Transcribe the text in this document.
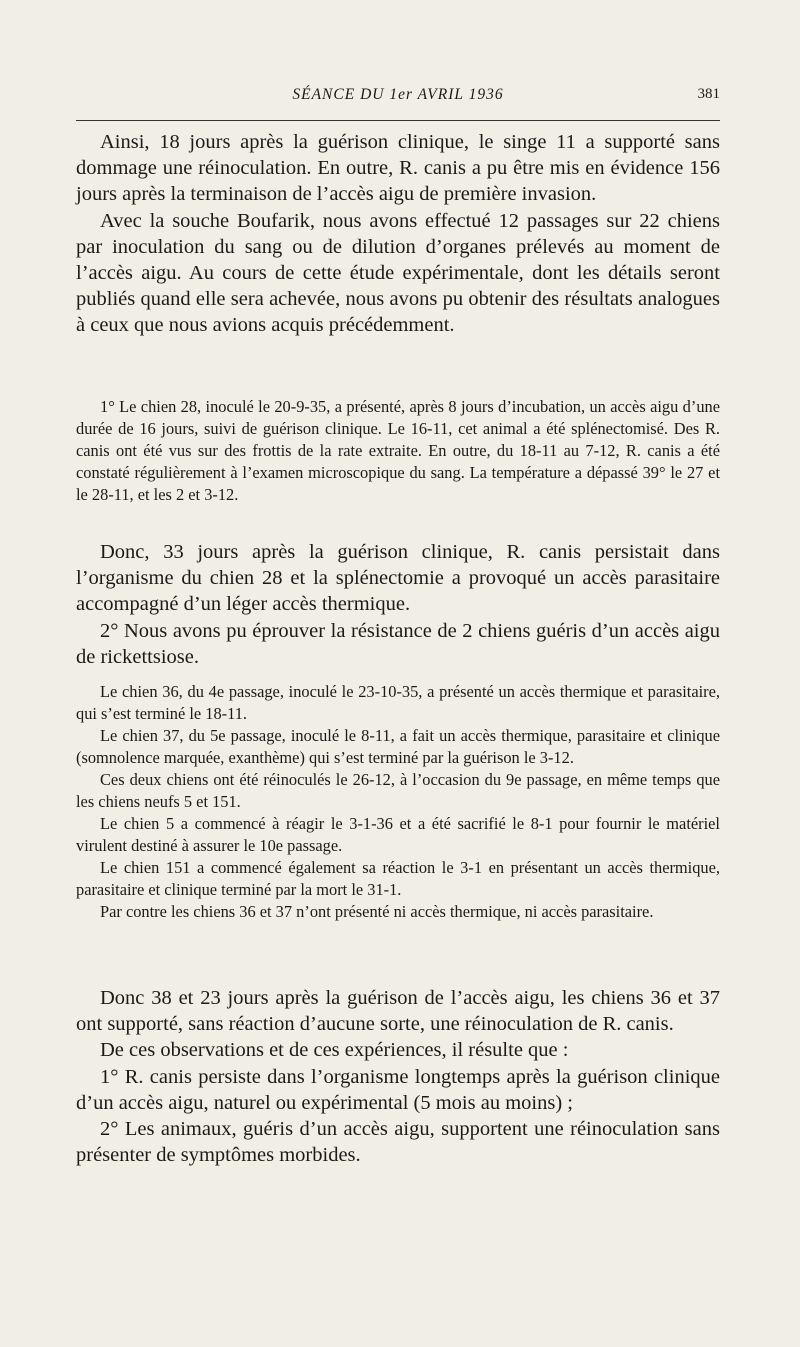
SÉANCE DU 1er AVRIL 1936	381

Ainsi, 18 jours après la guérison clinique, le singe 11 a supporté sans dommage une réinoculation. En outre, R. canis a pu être mis en évidence 156 jours après la terminaison de l’accès aigu de première invasion.

Avec la souche Boufarik, nous avons effectué 12 passages sur 22 chiens par inoculation du sang ou de dilution d’organes prélevés au moment de l’accès aigu. Au cours de cette étude expérimentale, dont les détails seront publiés quand elle sera achevée, nous avons pu obtenir des résultats analogues à ceux que nous avions acquis précédemment.

1° Le chien 28, inoculé le 20-9-35, a présenté, après 8 jours d’incubation, un accès aigu d’une durée de 16 jours, suivi de guérison clinique. Le 16-11, cet animal a été splénectomisé. Des R. canis ont été vus sur des frottis de la rate extraite. En outre, du 18-11 au 7-12, R. canis a été constaté régulièrement à l’examen microscopique du sang. La température a dépassé 39° le 27 et le 28-11, et les 2 et 3-12.

Donc, 33 jours après la guérison clinique, R. canis persistait dans l’organisme du chien 28 et la splénectomie a provoqué un accès parasitaire accompagné d’un léger accès thermique.

2° Nous avons pu éprouver la résistance de 2 chiens guéris d’un accès aigu de rickettsiose.

Le chien 36, du 4e passage, inoculé le 23-10-35, a présenté un accès thermique et parasitaire, qui s’est terminé le 18-11.

Le chien 37, du 5e passage, inoculé le 8-11, a fait un accès thermique, parasitaire et clinique (somnolence marquée, exanthème) qui s’est terminé par la guérison le 3-12.

Ces deux chiens ont été réinoculés le 26-12, à l’occasion du 9e passage, en même temps que les chiens neufs 5 et 151.

Le chien 5 a commencé à réagir le 3-1-36 et a été sacrifié le 8-1 pour fournir le matériel virulent destiné à assurer le 10e passage.

Le chien 151 a commencé également sa réaction le 3-1 en présentant un accès thermique, parasitaire et clinique terminé par la mort le 31-1.

Par contre les chiens 36 et 37 n’ont présenté ni accès thermique, ni accès parasitaire.

Donc 38 et 23 jours après la guérison de l’accès aigu, les chiens 36 et 37 ont supporté, sans réaction d’aucune sorte, une réinoculation de R. canis.

De ces observations et de ces expériences, il résulte que :

1° R. canis persiste dans l’organisme longtemps après la guérison clinique d’un accès aigu, naturel ou expérimental (5 mois au moins) ;

2° Les animaux, guéris d’un accès aigu, supportent une réinoculation sans présenter de symptômes morbides.
